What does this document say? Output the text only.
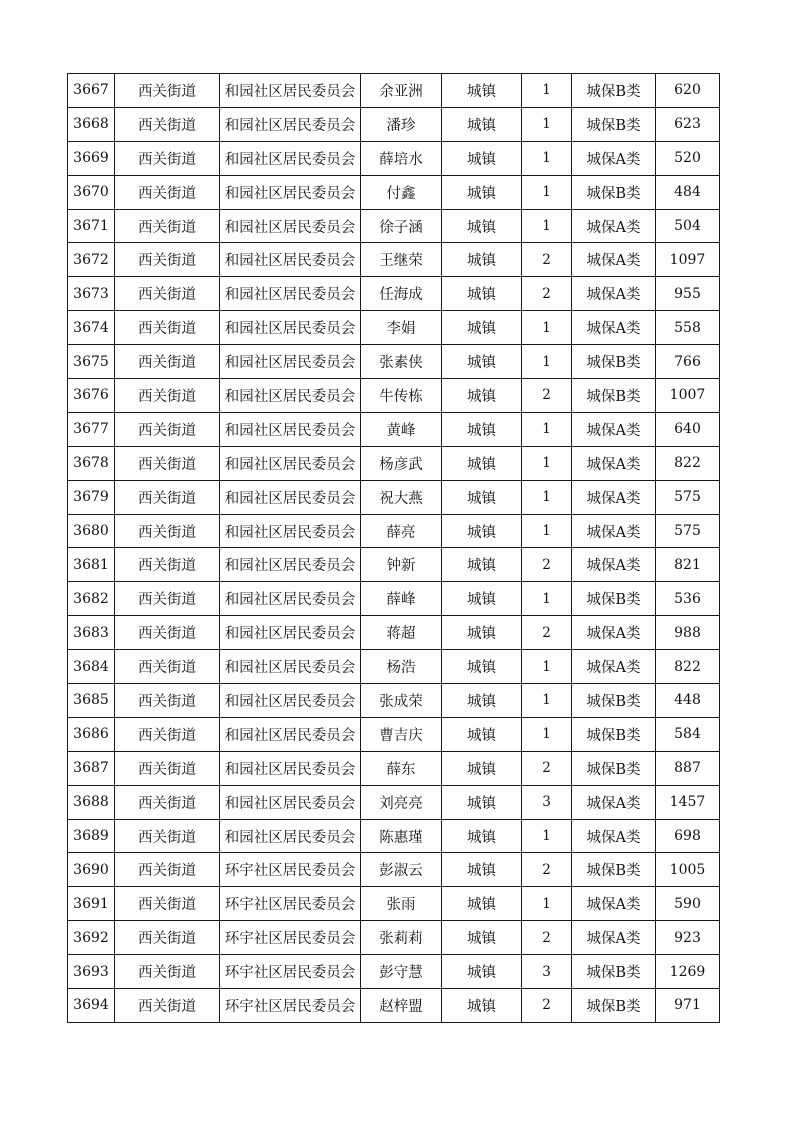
3667	西关街道	和园社区居民委员会	余亚洲	城镇	1	城保B类	620
3668	西关街道	和园社区居民委员会	潘珍	城镇	1	城保B类	623
3669	西关街道	和园社区居民委员会	薛培水	城镇	1	城保A类	520
3670	西关街道	和园社区居民委员会	付鑫	城镇	1	城保B类	484
3671	西关街道	和园社区居民委员会	徐子涵	城镇	1	城保A类	504
3672	西关街道	和园社区居民委员会	王继荣	城镇	2	城保A类	1097
3673	西关街道	和园社区居民委员会	任海成	城镇	2	城保A类	955
3674	西关街道	和园社区居民委员会	李娟	城镇	1	城保A类	558
3675	西关街道	和园社区居民委员会	张素侠	城镇	1	城保B类	766
3676	西关街道	和园社区居民委员会	牛传栋	城镇	2	城保B类	1007
3677	西关街道	和园社区居民委员会	黄峰	城镇	1	城保A类	640
3678	西关街道	和园社区居民委员会	杨彦武	城镇	1	城保A类	822
3679	西关街道	和园社区居民委员会	祝大燕	城镇	1	城保A类	575
3680	西关街道	和园社区居民委员会	薛亮	城镇	1	城保A类	575
3681	西关街道	和园社区居民委员会	钟新	城镇	2	城保A类	821
3682	西关街道	和园社区居民委员会	薛峰	城镇	1	城保B类	536
3683	西关街道	和园社区居民委员会	蒋超	城镇	2	城保A类	988
3684	西关街道	和园社区居民委员会	杨浩	城镇	1	城保A类	822
3685	西关街道	和园社区居民委员会	张成荣	城镇	1	城保B类	448
3686	西关街道	和园社区居民委员会	曹吉庆	城镇	1	城保B类	584
3687	西关街道	和园社区居民委员会	薛东	城镇	2	城保B类	887
3688	西关街道	和园社区居民委员会	刘亮亮	城镇	3	城保A类	1457
3689	西关街道	和园社区居民委员会	陈惠瑾	城镇	1	城保A类	698
3690	西关街道	环宇社区居民委员会	彭淑云	城镇	2	城保B类	1005
3691	西关街道	环宇社区居民委员会	张雨	城镇	1	城保A类	590
3692	西关街道	环宇社区居民委员会	张莉莉	城镇	2	城保A类	923
3693	西关街道	环宇社区居民委员会	彭守慧	城镇	3	城保B类	1269
3694	西关街道	环宇社区居民委员会	赵梓盟	城镇	2	城保B类	971
